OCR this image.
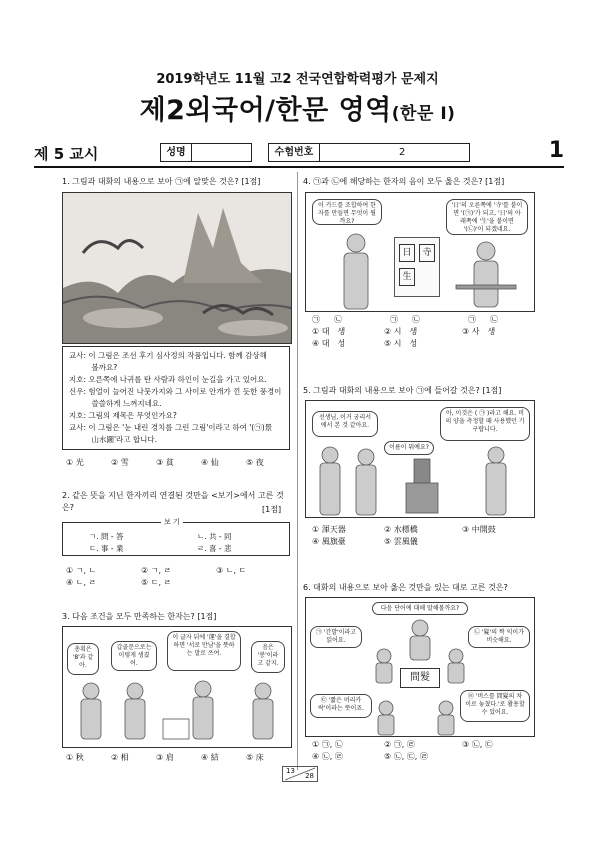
2019학년도 11월 고2 전국연합학력평가 문제지
제2외국어/한문 영역(한문 Ⅰ)
제 5 교시	성명	수험번호	2	1
1. 그림과 대화의 내용으로 보아 ㉠에 알맞은 것은? [1점]
교사: 이 그림은 조선 후기 심사정의 작품입니다. 함께 감상해
　　　볼까요?
지호: 오른쪽에 나귀를 탄 사람과 하인이 눈길을 가고 있어요.
신우: 험얼이 늘어진 나뭇가지와 그 사이로 안개가 낀 듯한 풍경이
　　　쓸쓸하게 느껴지네요.
지호: 그림의 제목은 무엇인가요?
교사: 이 그림은 '눈 내린 경치를 그린 그림'이라고 하여 '(㉠)景
　　　山水圖'라고 합니다.
① 光	② 雪	③ 貧	④ 仙	⑤ 夜
2. 같은 뜻을 지닌 한자끼리 연결된 것만을 <보기>에서 고른 것은?	[1점]
보 기
ㄱ. 問 - 答	ㄴ. 共 - 同
ㄷ. 事 - 業	ㄹ. 喜 - 悲
① ㄱ, ㄴ	② ㄱ, ㄹ	③ ㄴ, ㄷ
④ ㄴ, ㄹ	⑤ ㄷ, ㄹ
3. 다음 조건을 모두 만족하는 한자는? [1점]
총획은 '8'과 같아.
갑골문으로는 이렇게 생겼어.
이 글자 뒤에 '運'을 결합하면 '서로 만남'을 뜻하는 말로 쓰여.
음은 '봉'이라고 같지.
① 秋	② 相	③ 肩	④ 結	⑤ 床
4. ㉠과 ㉡에 해당하는 한자의 음이 모두 옳은 것은? [1점]
이 카드를 조합하여 한자를 만들면 무엇이 될까요?
'日'의 오른쪽에 '寺'를 붙이면 '(㉠)'가 되고, '日'의 아래쪽에 '生'을 붙이면 '(㉡)'이 되겠네요.
日	寺
生
㉠ ㉡	㉠ ㉡	㉠ ㉡
① 대　생	② 시　생	③ 사　생
④ 대　성	⑤ 시　성
5. 그림과 대화의 내용으로 보아 ㉠에 들어갈 것은? [1점]
선생님, 이거 궁리서 에서 본 것 같아요.
이름이 뭐예요?
아, 이것은 ( ㉠ )라고 해요. 비의 양을 측정할 때 사용했던 기구랍니다.
① 渾天器	② 水標橋	③ 中開鼓
④ 風旗臺	⑤ 雲風儀
6. 대화의 내용으로 보아 옳은 것만을 있는 대로 고른 것은?
다음 단어에 대해 말해볼까요?
㉠ '간발'이라고 읽어요.
㉡ '髮'의 짝 익이가 비슷해요.
㉢ '짧은 머리카락'이라는 뜻이죠.
㉣ '버스를 間髮의 차이로 놓쳤다.'로 활용할 수 있어요.
間髮
① ㉠, ㉡	② ㉠, ㉣	③ ㉡, ㉢
④ ㉡, ㉣	⑤ ㉡, ㉢, ㉣
13
28
